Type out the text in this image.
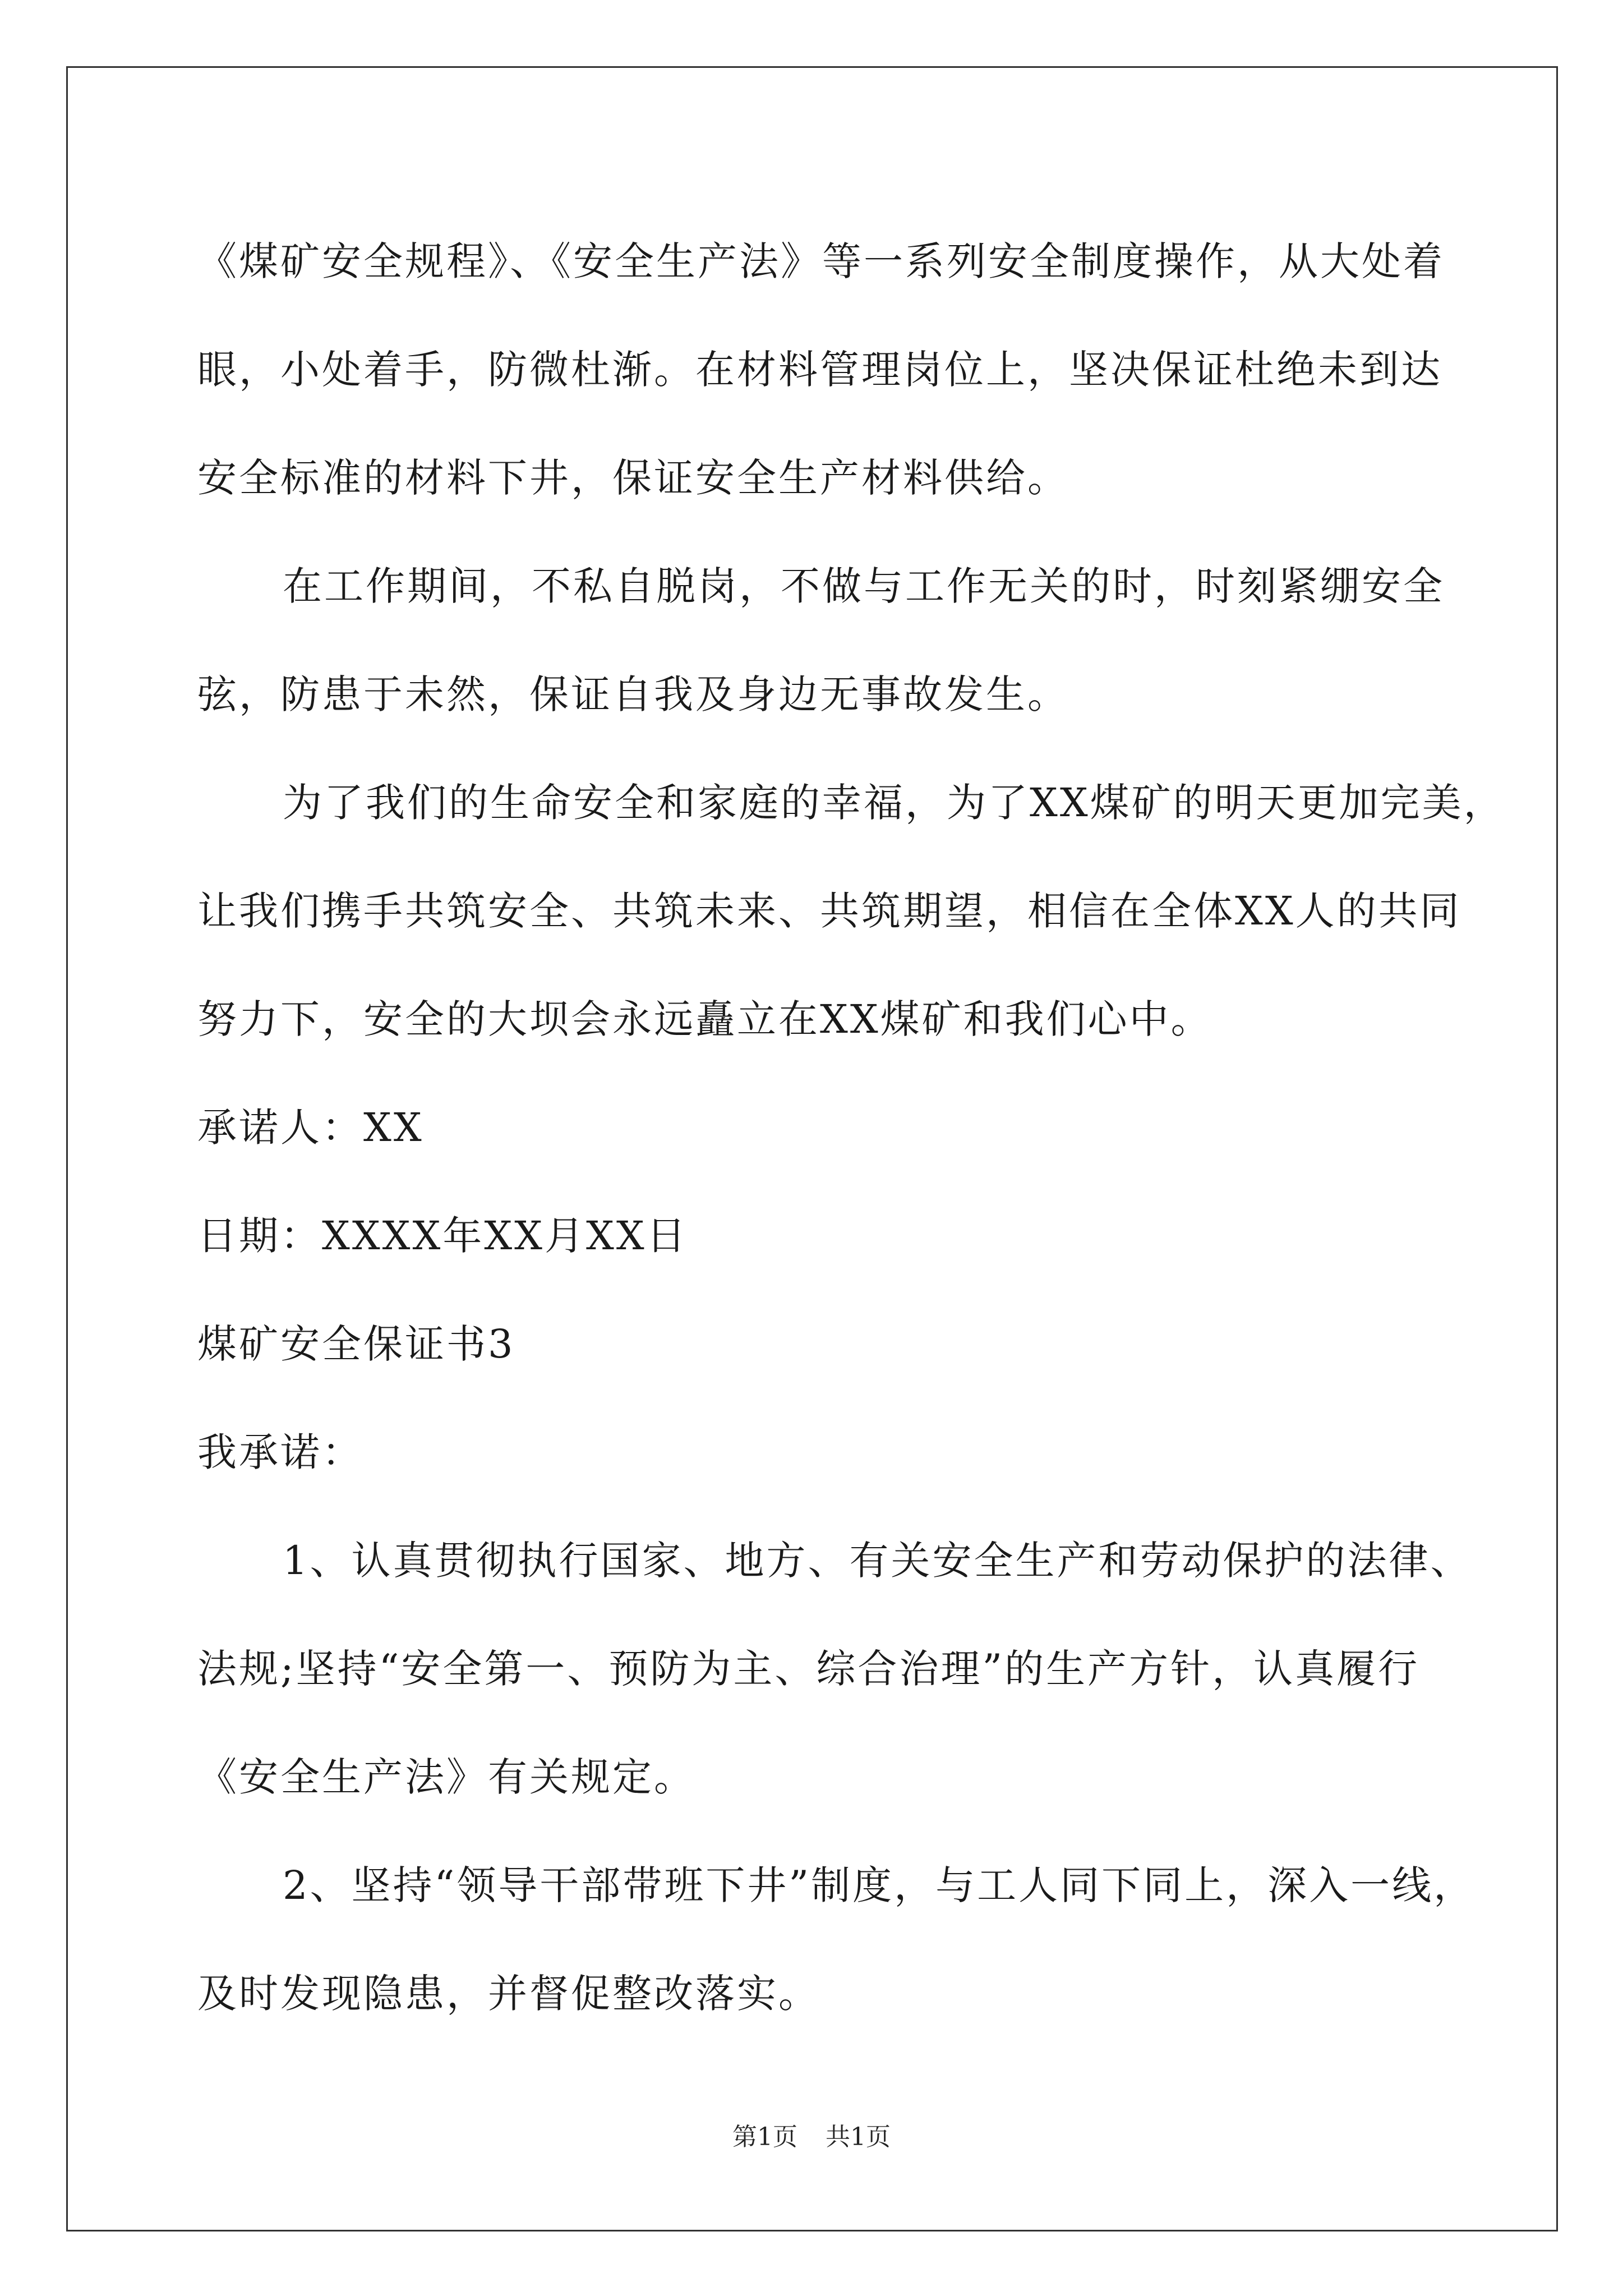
《煤矿安全规程》、《安全生产法》等一系列安全制度操作，从大处着
眼，小处着手，防微杜渐。在材料管理岗位上，坚决保证杜绝未到达
安全标准的材料下井，保证安全生产材料供给。
在工作期间，不私自脱岗，不做与工作无关的时，时刻紧绷安全
弦，防患于未然，保证自我及身边无事故发生。
为了我们的生命安全和家庭的幸福，为了XX煤矿的明天更加完美，
让我们携手共筑安全、共筑未来、共筑期望，相信在全体XX人的共同
努力下，安全的大坝会永远矗立在XX煤矿和我们心中。
承诺人：XX
日期：XXXX年XX月XX日
煤矿安全保证书3
我承诺：
1、认真贯彻执行国家、地方、有关安全生产和劳动保护的法律、
法规;坚持“安全第一、预防为主、综合治理”的生产方针，认真履行
《安全生产法》有关规定。
2、坚持“领导干部带班下井”制度，与工人同下同上，深入一线，
及时发现隐患，并督促整改落实。
第1页 共1页
